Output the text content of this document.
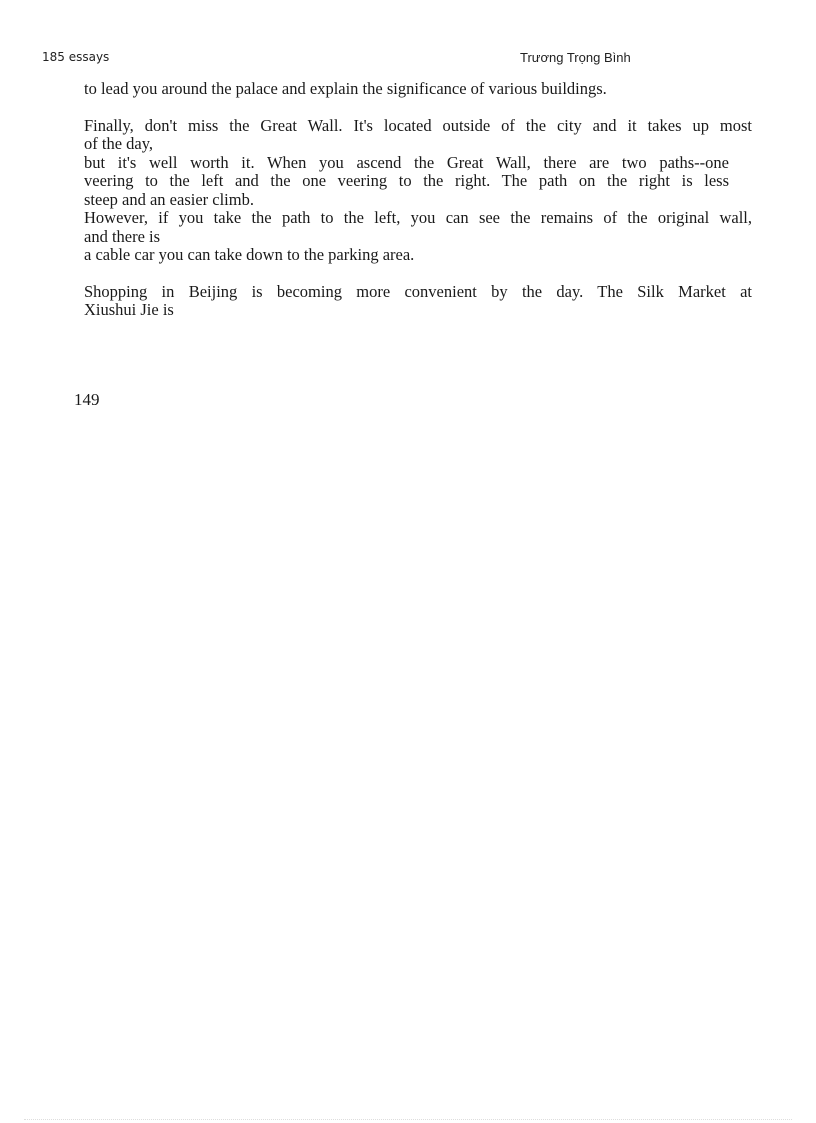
185 essays	Trương Trọng Bình
to lead you around the palace and explain the significance of various buildings.
Finally, don't miss the Great Wall. It's located outside of the city and it takes up most
of the day,
but it's well worth it. When you ascend the Great Wall, there are two paths--one
veering to the left and the one veering to the right. The path on the right is less
steep and an easier climb.
However, if you take the path to the left, you can see the remains of the original wall,
and there is
a cable car you can take down to the parking area.
Shopping in Beijing is becoming more convenient by the day. The Silk Market at
Xiushui Jie is
149
